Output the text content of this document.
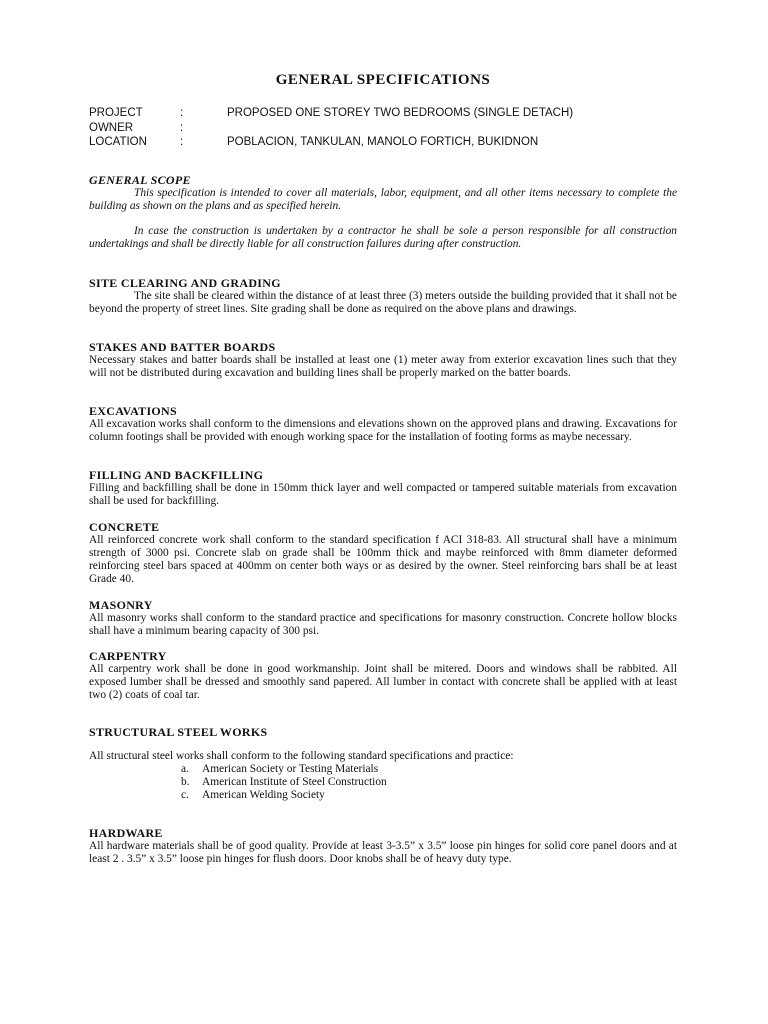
GENERAL SPECIFICATIONS
PROJECT	:	PROPOSED ONE STOREY TWO BEDROOMS (SINGLE DETACH)
OWNER	:
LOCATION	:	POBLACION, TANKULAN, MANOLO FORTICH, BUKIDNON
GENERAL SCOPE

This specification is intended to cover all materials, labor, equipment, and all other items necessary to complete the building as shown on the plans and as specified herein.

In case the construction is undertaken by a contractor he shall be sole a person responsible for all construction undertakings and shall be directly liable for all construction failures during after construction.

SITE CLEARING AND GRADING

The site shall be cleared within the distance of at least three (3) meters outside the building provided that it shall not be beyond the property of street lines. Site grading shall be done as required on the above plans and drawings.

STAKES AND BATTER BOARDS

Necessary stakes and batter boards shall be installed at least one (1) meter away from exterior excavation lines such that they will not be distributed during excavation and building lines shall be properly marked on the batter boards.

EXCAVATIONS

All excavation works shall conform to the dimensions and elevations shown on the approved plans and drawing. Excavations for column footings shall be provided with enough working space for the installation of footing forms as maybe necessary.

FILLING AND BACKFILLING

Filling and backfilling shall be done in 150mm thick layer and well compacted or tampered suitable materials from excavation shall be used for backfilling.

CONCRETE

All reinforced concrete work shall conform to the standard specification f ACI 318-83. All structural shall have a minimum strength of 3000 psi. Concrete slab on grade shall be 100mm thick and maybe reinforced with 8mm diameter deformed reinforcing steel bars spaced at 400mm on center both ways or as desired by the owner. Steel reinforcing bars shall be at least Grade 40.

MASONRY

All masonry works shall conform to the standard practice and specifications for masonry construction. Concrete hollow blocks shall have a minimum bearing capacity of 300 psi.

CARPENTRY

All carpentry work shall be done in good workmanship. Joint shall be mitered. Doors and windows shall be rabbited. All exposed lumber shall be dressed and smoothly sand papered. All lumber in contact with concrete shall be applied with at least two (2) coats of coal tar.

STRUCTURAL STEEL WORKS

All structural steel works shall conform to the following standard specifications and practice:

a. American Society or Testing Materials
b. American Institute of Steel Construction
c. American Welding Society
HARDWARE

All hardware materials shall be of good quality. Provide at least 3-3.5” x 3.5” loose pin hinges for solid core panel doors and at least 2 . 3.5” x 3.5” loose pin hinges for flush doors. Door knobs shall be of heavy duty type.
